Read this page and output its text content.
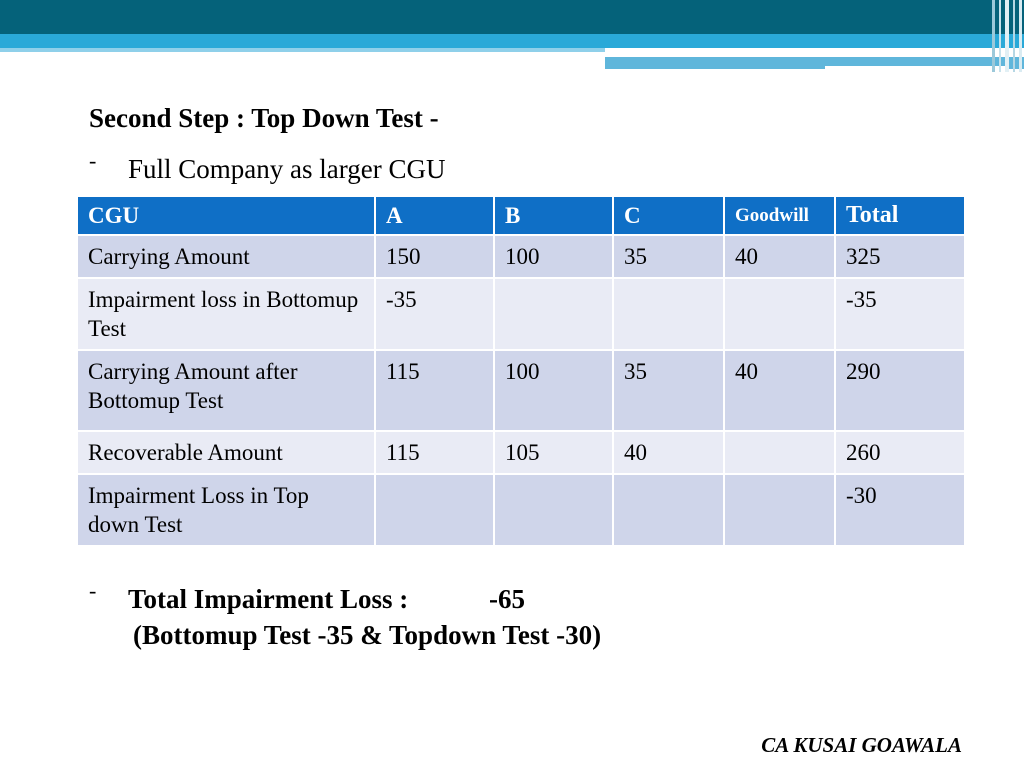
Second Step : Top Down Test -
- Full Company as larger CGU
CGU	A	B	C	Goodwill	Total
Carrying Amount	150	100	35	40	325
Impairment loss in Bottomup Test	-35				-35
Carrying Amount after Bottomup Test	115	100	35	40	290
Recoverable Amount	115	105	40		260
Impairment Loss in Top down Test					-30
- Total Impairment Loss :	-65
(Bottomup Test -35 & Topdown Test -30)
CA KUSAI GOAWALA
